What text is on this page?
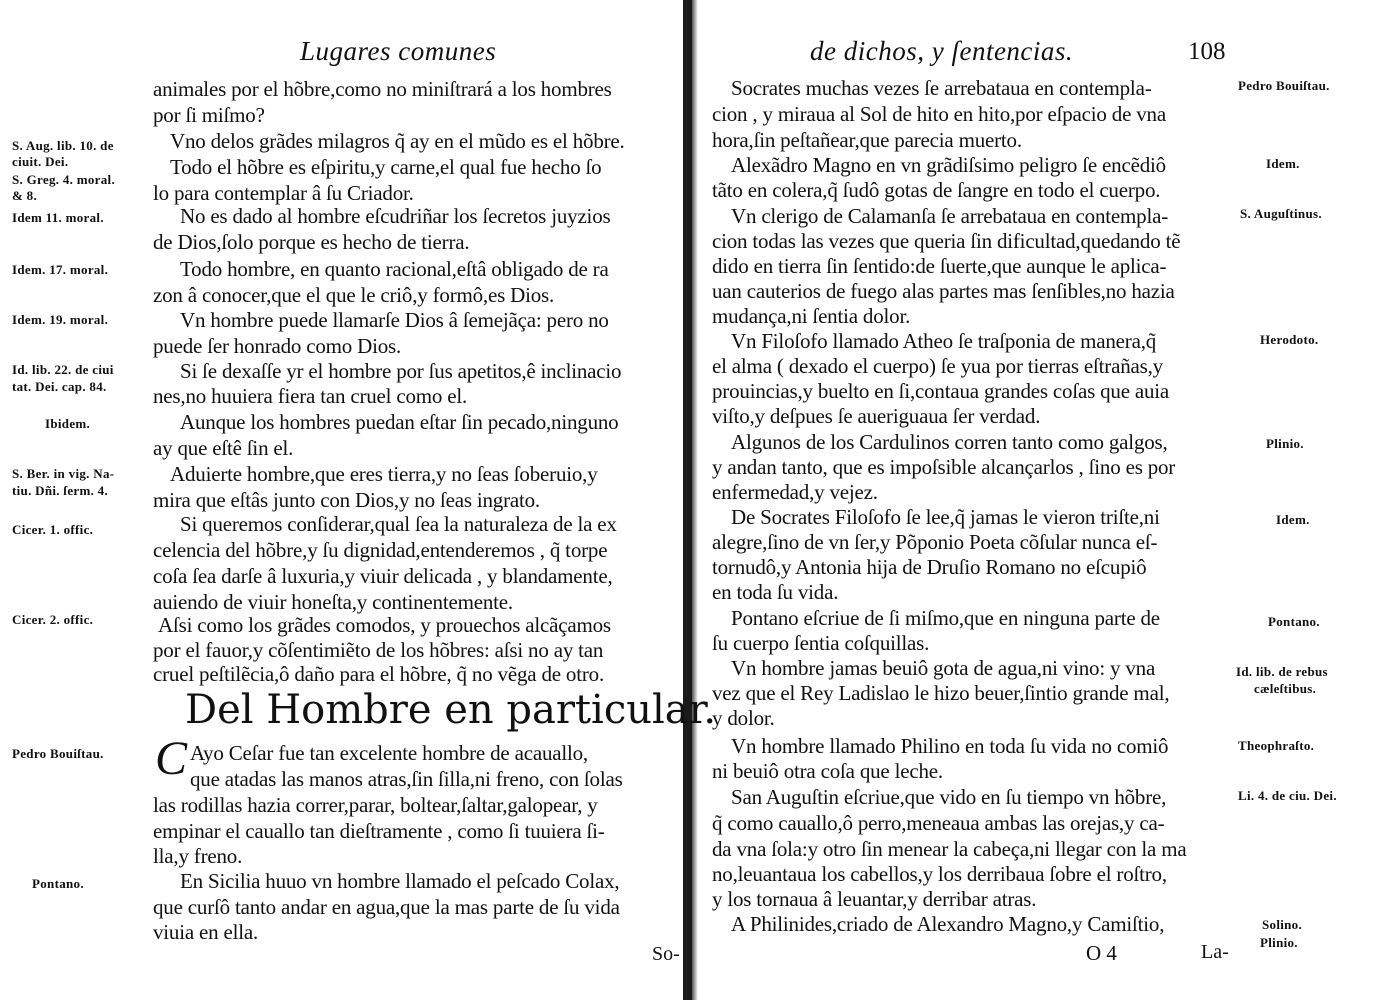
Lugares comunes
animales por el hõbre,como no miniſtrará a los hombres
por ſi miſmo?
Vno delos grãdes milagros q̃ ay en el mũdo es el hõbre.
Todo el hõbre es eſpiritu,y carne,el qual fue hecho ſo
lo para contemplar â ſu Criador.
No es dado al hombre eſcudriñar los ſecretos juyzios
de Dios,ſolo porque es hecho de tierra.
Todo hombre, en quanto racional,eſtâ obligado de ra
zon â conocer,que el que le criô,y formô,es Dios.
Vn hombre puede llamarſe Dios â ſemejãça: pero no
puede ſer honrado como Dios.
Si ſe dexaſſe yr el hombre por ſus apetitos,ê inclinacio
nes,no huuiera fiera tan cruel como el.
Aunque los hombres puedan eſtar ſin pecado,ninguno
ay que eſtê ſin el.
Aduierte hombre,que eres tierra,y no ſeas ſoberuio,y
mira que eſtâs junto con Dios,y no ſeas ingrato.
Si queremos conſiderar,qual ſea la naturaleza de la ex
celencia del hõbre,y ſu dignidad,entenderemos , q̃ torpe
coſa ſea darſe â luxuria,y viuir delicada , y blandamente,
auiendo de viuir honeſta,y continentemente.
Aſsi como los grãdes comodos, y prouechos alcãçamos
por el fauor,y cõſentimiẽto de los hõbres: aſsi no ay tan
cruel peſtilẽcia,ô daño para el hõbre, q̃ no vẽga de otro.
Del Hombre en particular.
C Ayo Ceſar fue tan excelente hombre de acauallo,
que atadas las manos atras,ſin ſilla,ni freno, con ſolas
las rodillas hazia correr,parar, boltear,ſaltar,galopear, y
empinar el cauallo tan dieſtramente , como ſi tuuiera ſi-
lla,y freno.
En Sicilia huuo vn hombre llamado el peſcado Colax,
que curſô tanto andar en agua,que la mas parte de ſu vida
viuia en ella.
S. Aug. lib. 10. de
ciuit. Dei.
S. Greg. 4. moral.
& 8.
Idem 11. moral.
Idem. 17. moral.
Idem. 19. moral.
Id. lib. 22. de ciui
tat. Dei. cap. 84.
Ibidem.
S. Ber. in vig. Na-
tiu. Dñi. ſerm. 4.
Cicer. 1. offic.
Cicer. 2. offic.
Pedro Bouiſtau.
Pontano.
So-
de dichos, y ſentencias.	108
Socrates muchas vezes ſe arrebataua en contempla-
cion , y miraua al Sol de hito en hito,por eſpacio de vna
hora,ſin peſtañear,que parecia muerto.
Alexãdro Magno en vn grãdiſsimo peligro ſe encẽdiô
tãto en colera,q̃ ſudô gotas de ſangre en todo el cuerpo.
Vn clerigo de Calamanſa ſe arrebataua en contempla-
cion todas las vezes que queria ſin dificultad,quedando tẽ
dido en tierra ſin ſentido:de ſuerte,que aunque le aplica-
uan cauterios de fuego alas partes mas ſenſibles,no hazia
mudança,ni ſentia dolor.
Vn Filoſofo llamado Atheo ſe traſponia de manera,q̃
el alma ( dexado el cuerpo) ſe yua por tierras eſtrañas,y
prouincias,y buelto en ſi,contaua grandes coſas que auia
viſto,y deſpues ſe aueriguaua ſer verdad.
Algunos de los Cardulinos corren tanto como galgos,
y andan tanto, que es impoſsible alcançarlos , ſino es por
enfermedad,y vejez.
De Socrates Filoſofo ſe lee,q̃ jamas le vieron triſte,ni
alegre,ſino de vn ſer,y Põponio Poeta cõſular nunca eſ-
tornudô,y Antonia hija de Druſio Romano no eſcupiô
en toda ſu vida.
Pontano eſcriue de ſi miſmo,que en ninguna parte de
ſu cuerpo ſentia coſquillas.
Vn hombre jamas beuiô gota de agua,ni vino: y vna
vez que el Rey Ladislao le hizo beuer,ſintio grande mal,
y dolor.
Vn hombre llamado Philino en toda ſu vida no comiô
ni beuiô otra coſa que leche.
San Auguſtin eſcriue,que vido en ſu tiempo vn hõbre,
q̃ como cauallo,ô perro,meneaua ambas las orejas,y ca-
da vna ſola:y otro ſin menear la cabeça,ni llegar con la ma
no,leuantaua los cabellos,y los derribaua ſobre el roſtro,
y los tornaua â leuantar,y derribar atras.
A Philinides,criado de Alexandro Magno,y Camiſtio,
Pedro Bouiſtau.
Idem.
S. Auguſtinus.
Herodoto.
Plinio.
Idem.
Pontano.
Id. lib. de rebus
cæleſtibus.
Theophraſto.
Li. 4. de ciu. Dei.
Solino.
Plinio.
O 4	La-
